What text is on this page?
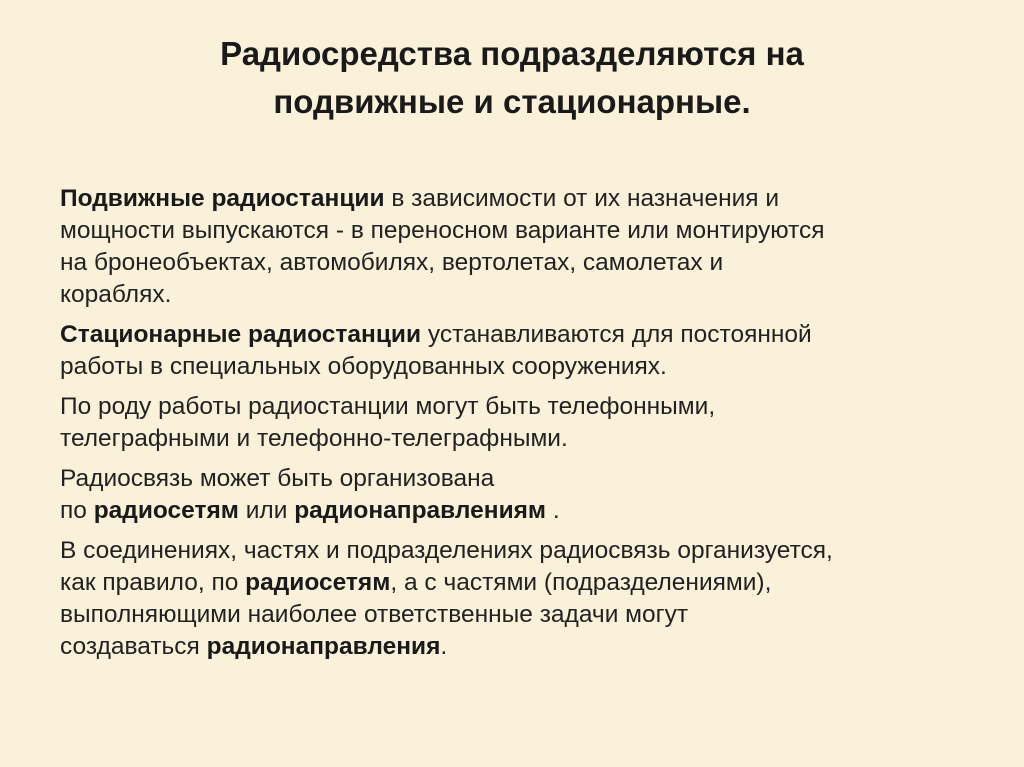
Радиосредства подразделяются на
подвижные и стационарные.
Подвижные радиостанции в зависимости от их назначения и
мощности выпускаются - в переносном варианте или монтируются
на бронеобъектах, автомобилях, вертолетах, самолетах и
кораблях.
Стационарные радиостанции устанавливаются для постоянной
работы в специальных оборудованных сооружениях.
По роду работы радиостанции могут быть телефонными,
телеграфными и телефонно-телеграфными.
Радиосвязь может быть организована
по радиосетям или радионаправлениям .
В соединениях, частях и подразделениях радиосвязь организуется,
как правило, по радиосетям, а с частями (подразделениями),
выполняющими наиболее ответственные задачи могут
создаваться радионаправления.
